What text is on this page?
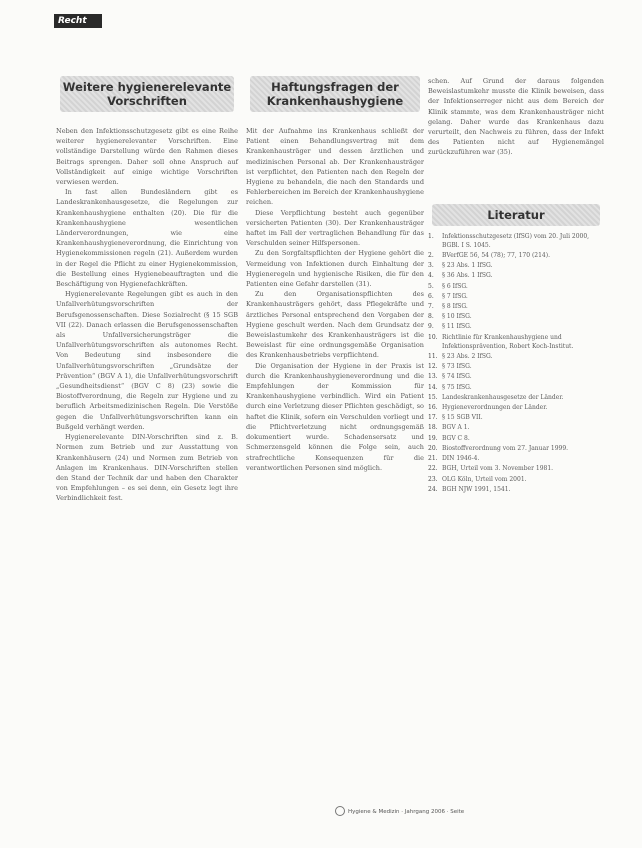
Recht
Weitere hygienerelevante
Vorschriften

Neben den Infektionsschutzgesetz gibt es eine Reihe weiterer hygienerelevanter Vorschriften. Eine vollständige Darstellung würde den Rahmen dieses Beitrags sprengen. Daher soll ohne Anspruch auf Vollständigkeit auf einige wichtige Vorschriften verwiesen werden.

In fast allen Bundesländern gibt es Landeskrankenhausgesetze, die Regelungen zur Krankenhaushygiene enthalten (20). Die für die Krankenhaushygiene wesentlichen Länderverordnungen, wie eine Krankenhaushygieneverordnung, die Einrichtung von Hygienekommissionen regeln (21). Außerdem wurden in der Regel die Pflicht zu einer Hygienekommission, die Bestellung eines Hygienebeauftragten und die Beschäftigung von Hygienefachkräften.

Hygienerelevante Regelungen gibt es auch in den Unfallverhütungsvorschriften der Berufsgenossenschaften. Diese Sozialrecht (§ 15 SGB VII (22). Danach erlassen die Berufsgenossenschaften als Unfallversicherungsträger die Unfallverhütungsvorschriften als autonomes Recht. Von Bedeutung sind insbesondere die Unfallverhütungsvorschriften „Grundsätze der Prävention“ (BGV A 1), die Unfallverhütungsvorschrift „Gesundheitsdienst“ (BGV C 8) (23) sowie die Biostoffverordnung, die Regeln zur Hygiene und zu beruflich Arbeitsmedizinischen Regeln. Die Verstöße gegen die Unfallverhütungsvorschriften kann ein Bußgeld verhängt werden.

Hygienerelevante DIN-Vorschriften sind z. B. Normen zum Betrieb und zur Ausstattung von Krankenhäusern (24) und Normen zum Betrieb von Anlagen im Krankenhaus. DIN-Vorschriften stellen den Stand der Technik dar und haben den Charakter von Empfehlungen – es sei denn, ein Gesetz legt ihre Verbindlichkeit fest.

Haftungsfragen der
Krankenhaushygiene

Mit der Aufnahme ins Krankenhaus schließt der Patient einen Behandlungsvertrag mit dem Krankenhausträger und dessen ärztlichen und medizinischen Personal ab. Der Krankenhausträger ist verpflichtet, den Patienten nach den Regeln der Hygiene zu behandeln, die nach den Standards und Fehlerbereichen im Bereich der Krankenhaushygiene reichen.

Diese Verpflichtung besteht auch gegenüber versicherten Patienten (30). Der Krankenhausträger haftet im Fall der vertraglichen Behandlung für das Verschulden seiner Hilfspersonen.

Zu den Sorgfaltspflichten der Hygiene gehört die Vermeidung von Infektionen durch Einhaltung der Hygieneregeln und hygienische Risiken, die für den Patienten eine Gefahr darstellen (31).

Zu den Organisationspflichten des Krankenhausträgers gehört, dass Pflegekräfte und ärztliches Personal entsprechend den Vorgaben der Hygiene geschult werden. Nach dem Grundsatz der Beweislastumkehr des Krankenhausträgers ist die Beweislast für eine ordnungsgemäße Organisation des Krankenhausbetriebs verpflichtend.

Die Organisation der Hygiene in der Praxis ist durch die Krankenhaushygieneverordnung und die Empfehlungen der Kommission für Krankenhaushygiene verbindlich. Wird ein Patient durch eine Verletzung dieser Pflichten geschädigt, so haftet die Klinik, sofern ein Verschulden vorliegt und die Pflichtverletzung nicht ordnungsgemäß dokumentiert wurde. Schadensersatz und Schmerzensgeld können die Folge sein, auch strafrechtliche Konsequenzen für die verantwortlichen Personen sind möglich.

schen. Auf Grund der daraus folgenden Beweislastumkehr musste die Klinik beweisen, dass der Infektionserreger nicht aus dem Bereich der Klinik stammte, was dem Krankenhausträger nicht gelang. Daher wurde das Krankenhaus dazu verurteilt, den Nachweis zu führen, dass der Infekt des Patienten nicht auf Hygienemängel zurückzuführen war (35).

Literatur
1.	Infektionsschutzgesetz (IfSG) vom 20. Juli 2000, BGBl. I S. 1045.
2.	BVerfGE 56, 54 (78); 77, 170 (214).
3.	§ 23 Abs. 1 IfSG.
4.	§ 36 Abs. 1 IfSG.
5.	§ 6 IfSG.
6.	§ 7 IfSG.
7.	§ 8 IfSG.
8.	§ 10 IfSG.
9.	§ 11 IfSG.
10. Richtlinie für Krankenhaushygiene und Infektionsprävention, Robert Koch-Institut.
11. § 23 Abs. 2 IfSG.
12. § 73 IfSG.
13. § 74 IfSG.
14. § 75 IfSG.
15. Landeskrankenhausgesetze der Länder.
16. Hygieneverordnungen der Länder.
17. § 15 SGB VII.
18. BGV A 1.
19. BGV C 8.
20. Biostoffverordnung vom 27. Januar 1999.
21. DIN 1946-4.
22. BGH, Urteil vom 3. November 1981.
23. OLG Köln, Urteil vom 2001.
24. BGH NJW 1991, 1541.
Hygiene & Medizin · Jahrgang 2006 · Seite
